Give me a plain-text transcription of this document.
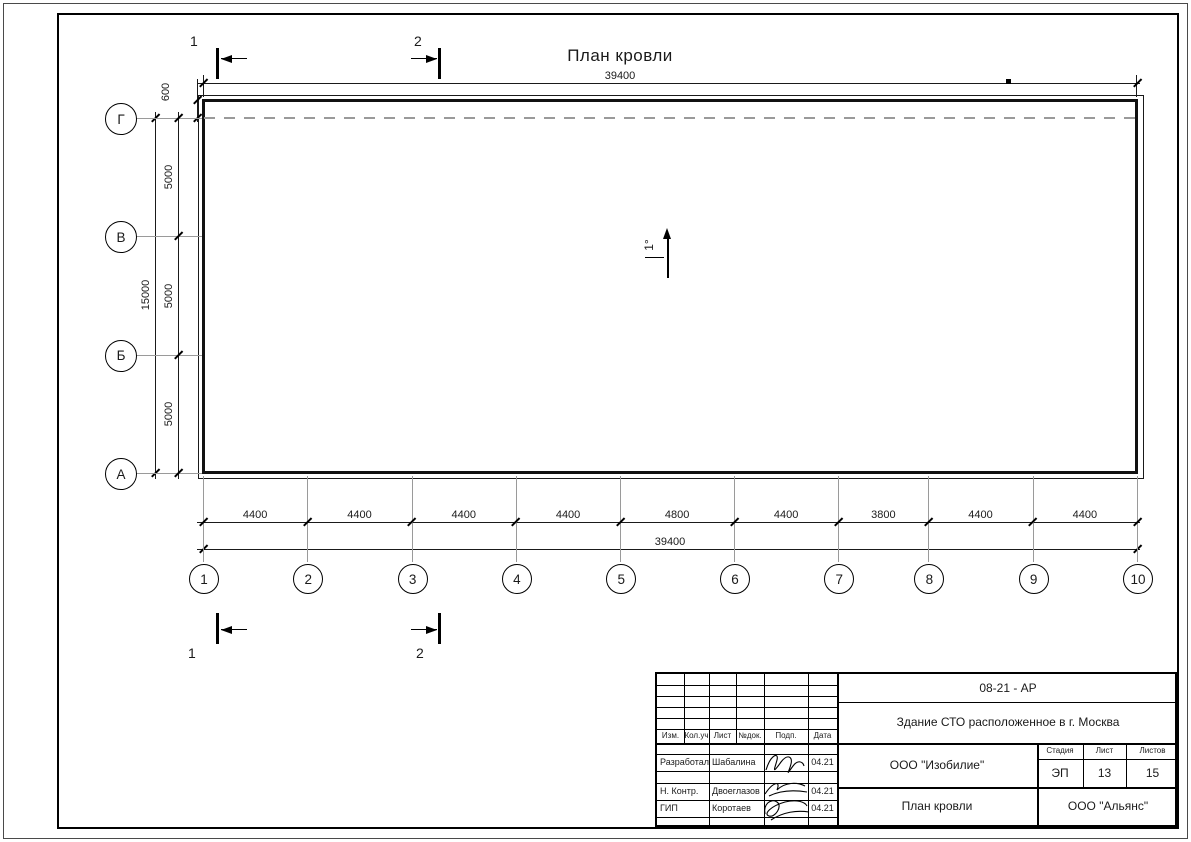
План кровли
1°
39400
600
15000
39400
1	2	3	4	5	6	7	8	9	10
4400	4400	4400	4400	4800	4400	3800	4400	4400
Г
В
Б
А
5000
5000
5000
1	2
1	2
Изм. Кол.уч Лист №док.	Подп.	Дата
Разработал Шабалина	04.21
Н. Контр.	Двоеглазов	04.21
ГИП	Коротаев	04.21
08-21 - АР
Здание СТО расположенное в г. Москва
ООО "Изобилие"
Стадия	Лист	Листов
ЭП	13	15
План кровли	ООО "Альянс"
